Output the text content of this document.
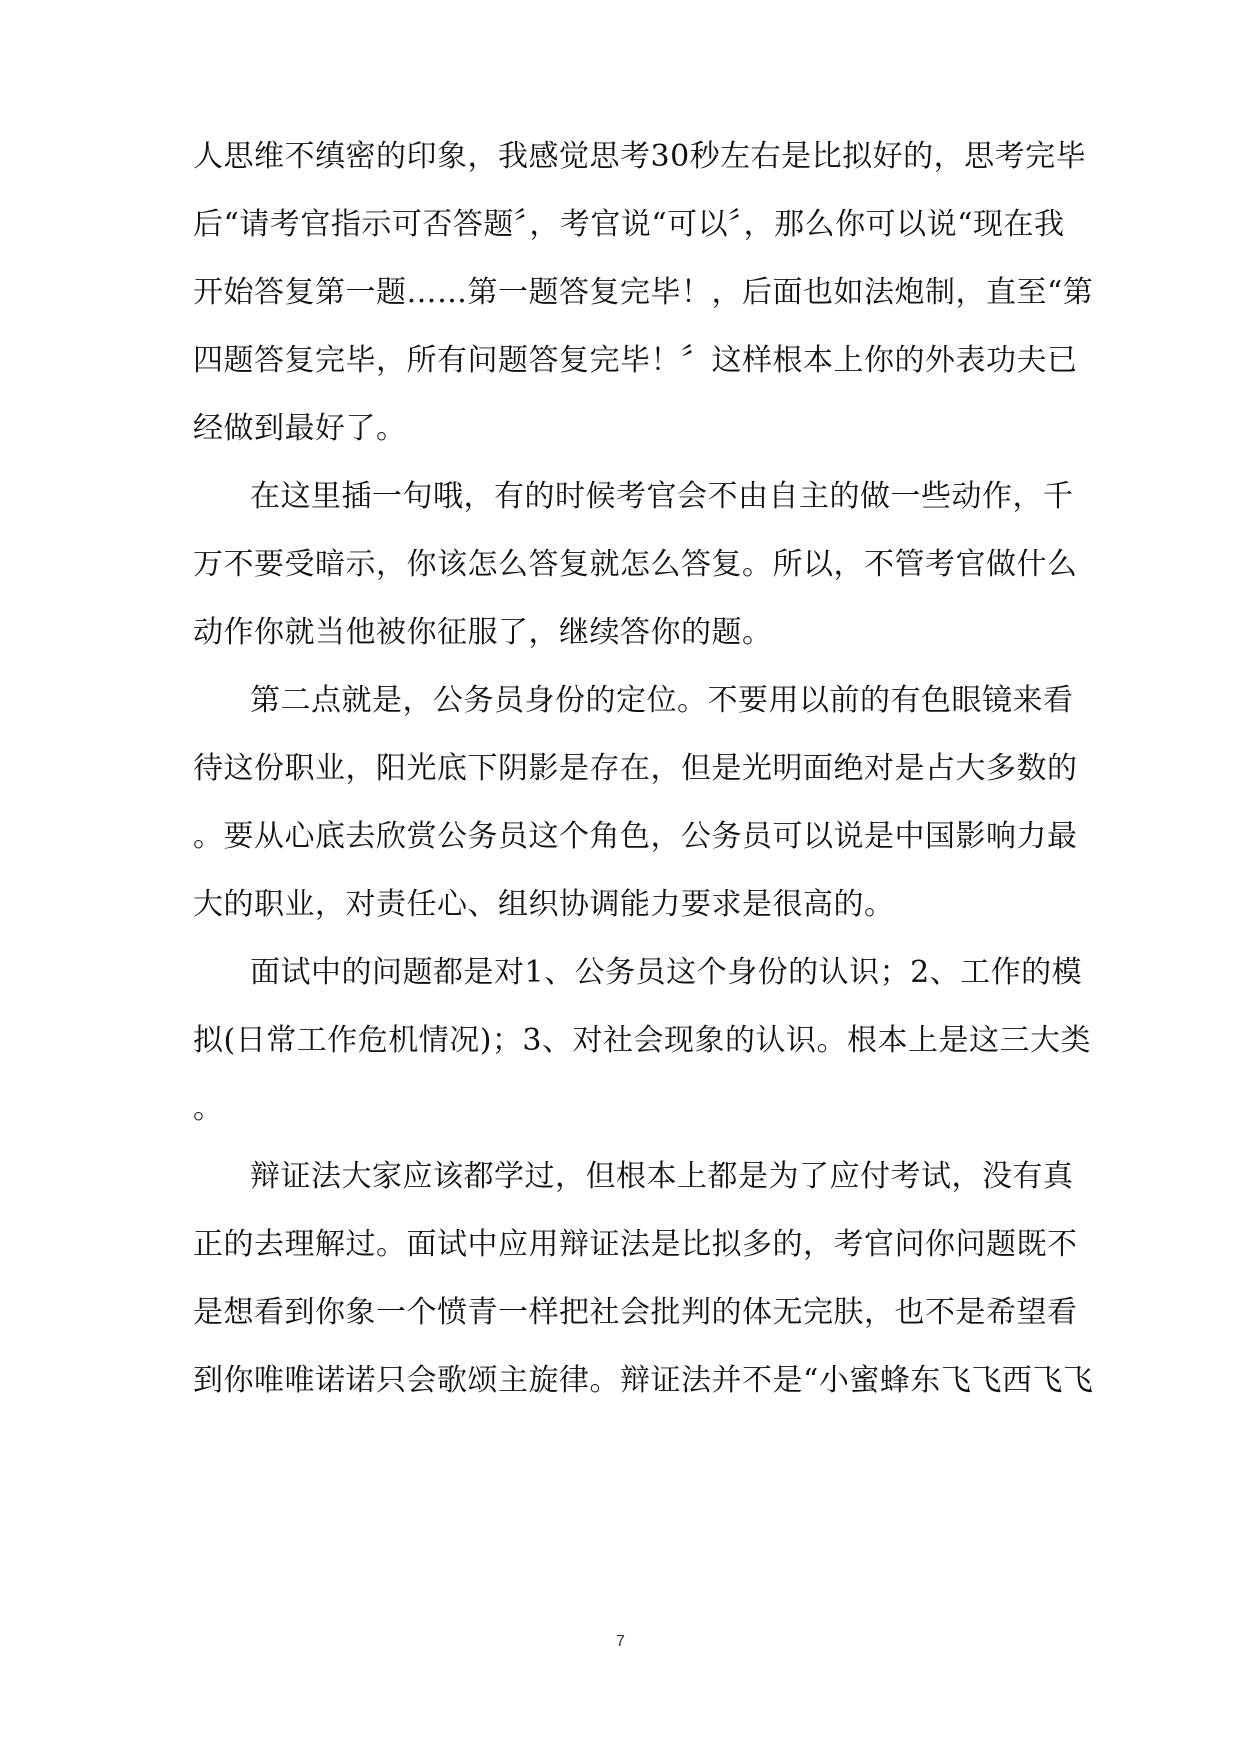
人思维不缜密的印象，我感觉思考30秒左右是比拟好的，思考完毕
后“请考官指示可否答题〞，考官说“可以〞，那么你可以说“现在我
开始答复第一题……第一题答复完毕！，后面也如法炮制，直至“第
四题答复完毕，所有问题答复完毕！〞这样根本上你的外表功夫已
经做到最好了。
在这里插一句哦，有的时候考官会不由自主的做一些动作，千
万不要受暗示，你该怎么答复就怎么答复。所以，不管考官做什么
动作你就当他被你征服了，继续答你的题。
第二点就是，公务员身份的定位。不要用以前的有色眼镜来看
待这份职业，阳光底下阴影是存在，但是光明面绝对是占大多数的
。要从心底去欣赏公务员这个角色，公务员可以说是中国影响力最
大的职业，对责任心、组织协调能力要求是很高的。
面试中的问题都是对1、公务员这个身份的认识；2、工作的模
拟(日常工作危机情况)；3、对社会现象的认识。根本上是这三大类
。
辩证法大家应该都学过，但根本上都是为了应付考试，没有真
正的去理解过。面试中应用辩证法是比拟多的，考官问你问题既不
是想看到你象一个愤青一样把社会批判的体无完肤，也不是希望看
到你唯唯诺诺只会歌颂主旋律。辩证法并不是“小蜜蜂东飞飞西飞飞
7
